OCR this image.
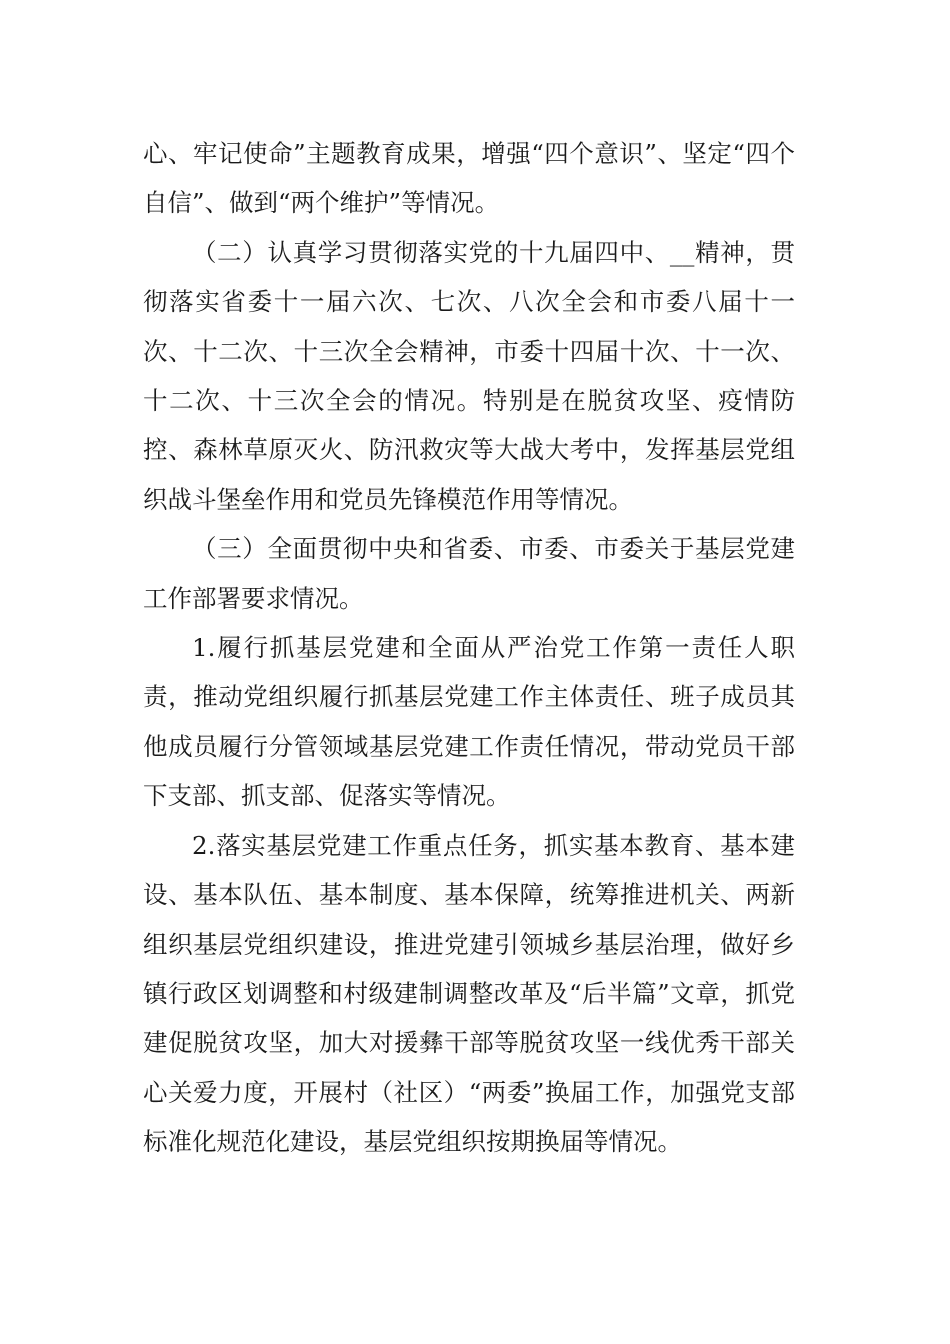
心、牢记使命”主题教育成果，增强“四个意识”、坚定“四个自信”、做到“两个维护”等情况。

（二）认真学习贯彻落实党的十九届四中、__精神，贯彻落实省委十一届六次、七次、八次全会和市委八届十一次、十二次、十三次全会精神，市委十四届十次、十一次、十二次、十三次全会的情况。特别是在脱贫攻坚、疫情防控、森林草原灭火、防汛救灾等大战大考中，发挥基层党组织战斗堡垒作用和党员先锋模范作用等情况。

（三）全面贯彻中央和省委、市委、市委关于基层党建工作部署要求情况。

1.履行抓基层党建和全面从严治党工作第一责任人职责，推动党组织履行抓基层党建工作主体责任、班子成员其他成员履行分管领域基层党建工作责任情况，带动党员干部下支部、抓支部、促落实等情况。

2.落实基层党建工作重点任务，抓实基本教育、基本建设、基本队伍、基本制度、基本保障，统筹推进机关、两新组织基层党组织建设，推进党建引领城乡基层治理，做好乡镇行政区划调整和村级建制调整改革及“后半篇”文章，抓党建促脱贫攻坚，加大对援彝干部等脱贫攻坚一线优秀干部关心关爱力度，开展村（社区）“两委”换届工作，加强党支部标准化规范化建设，基层党组织按期换届等情况。
